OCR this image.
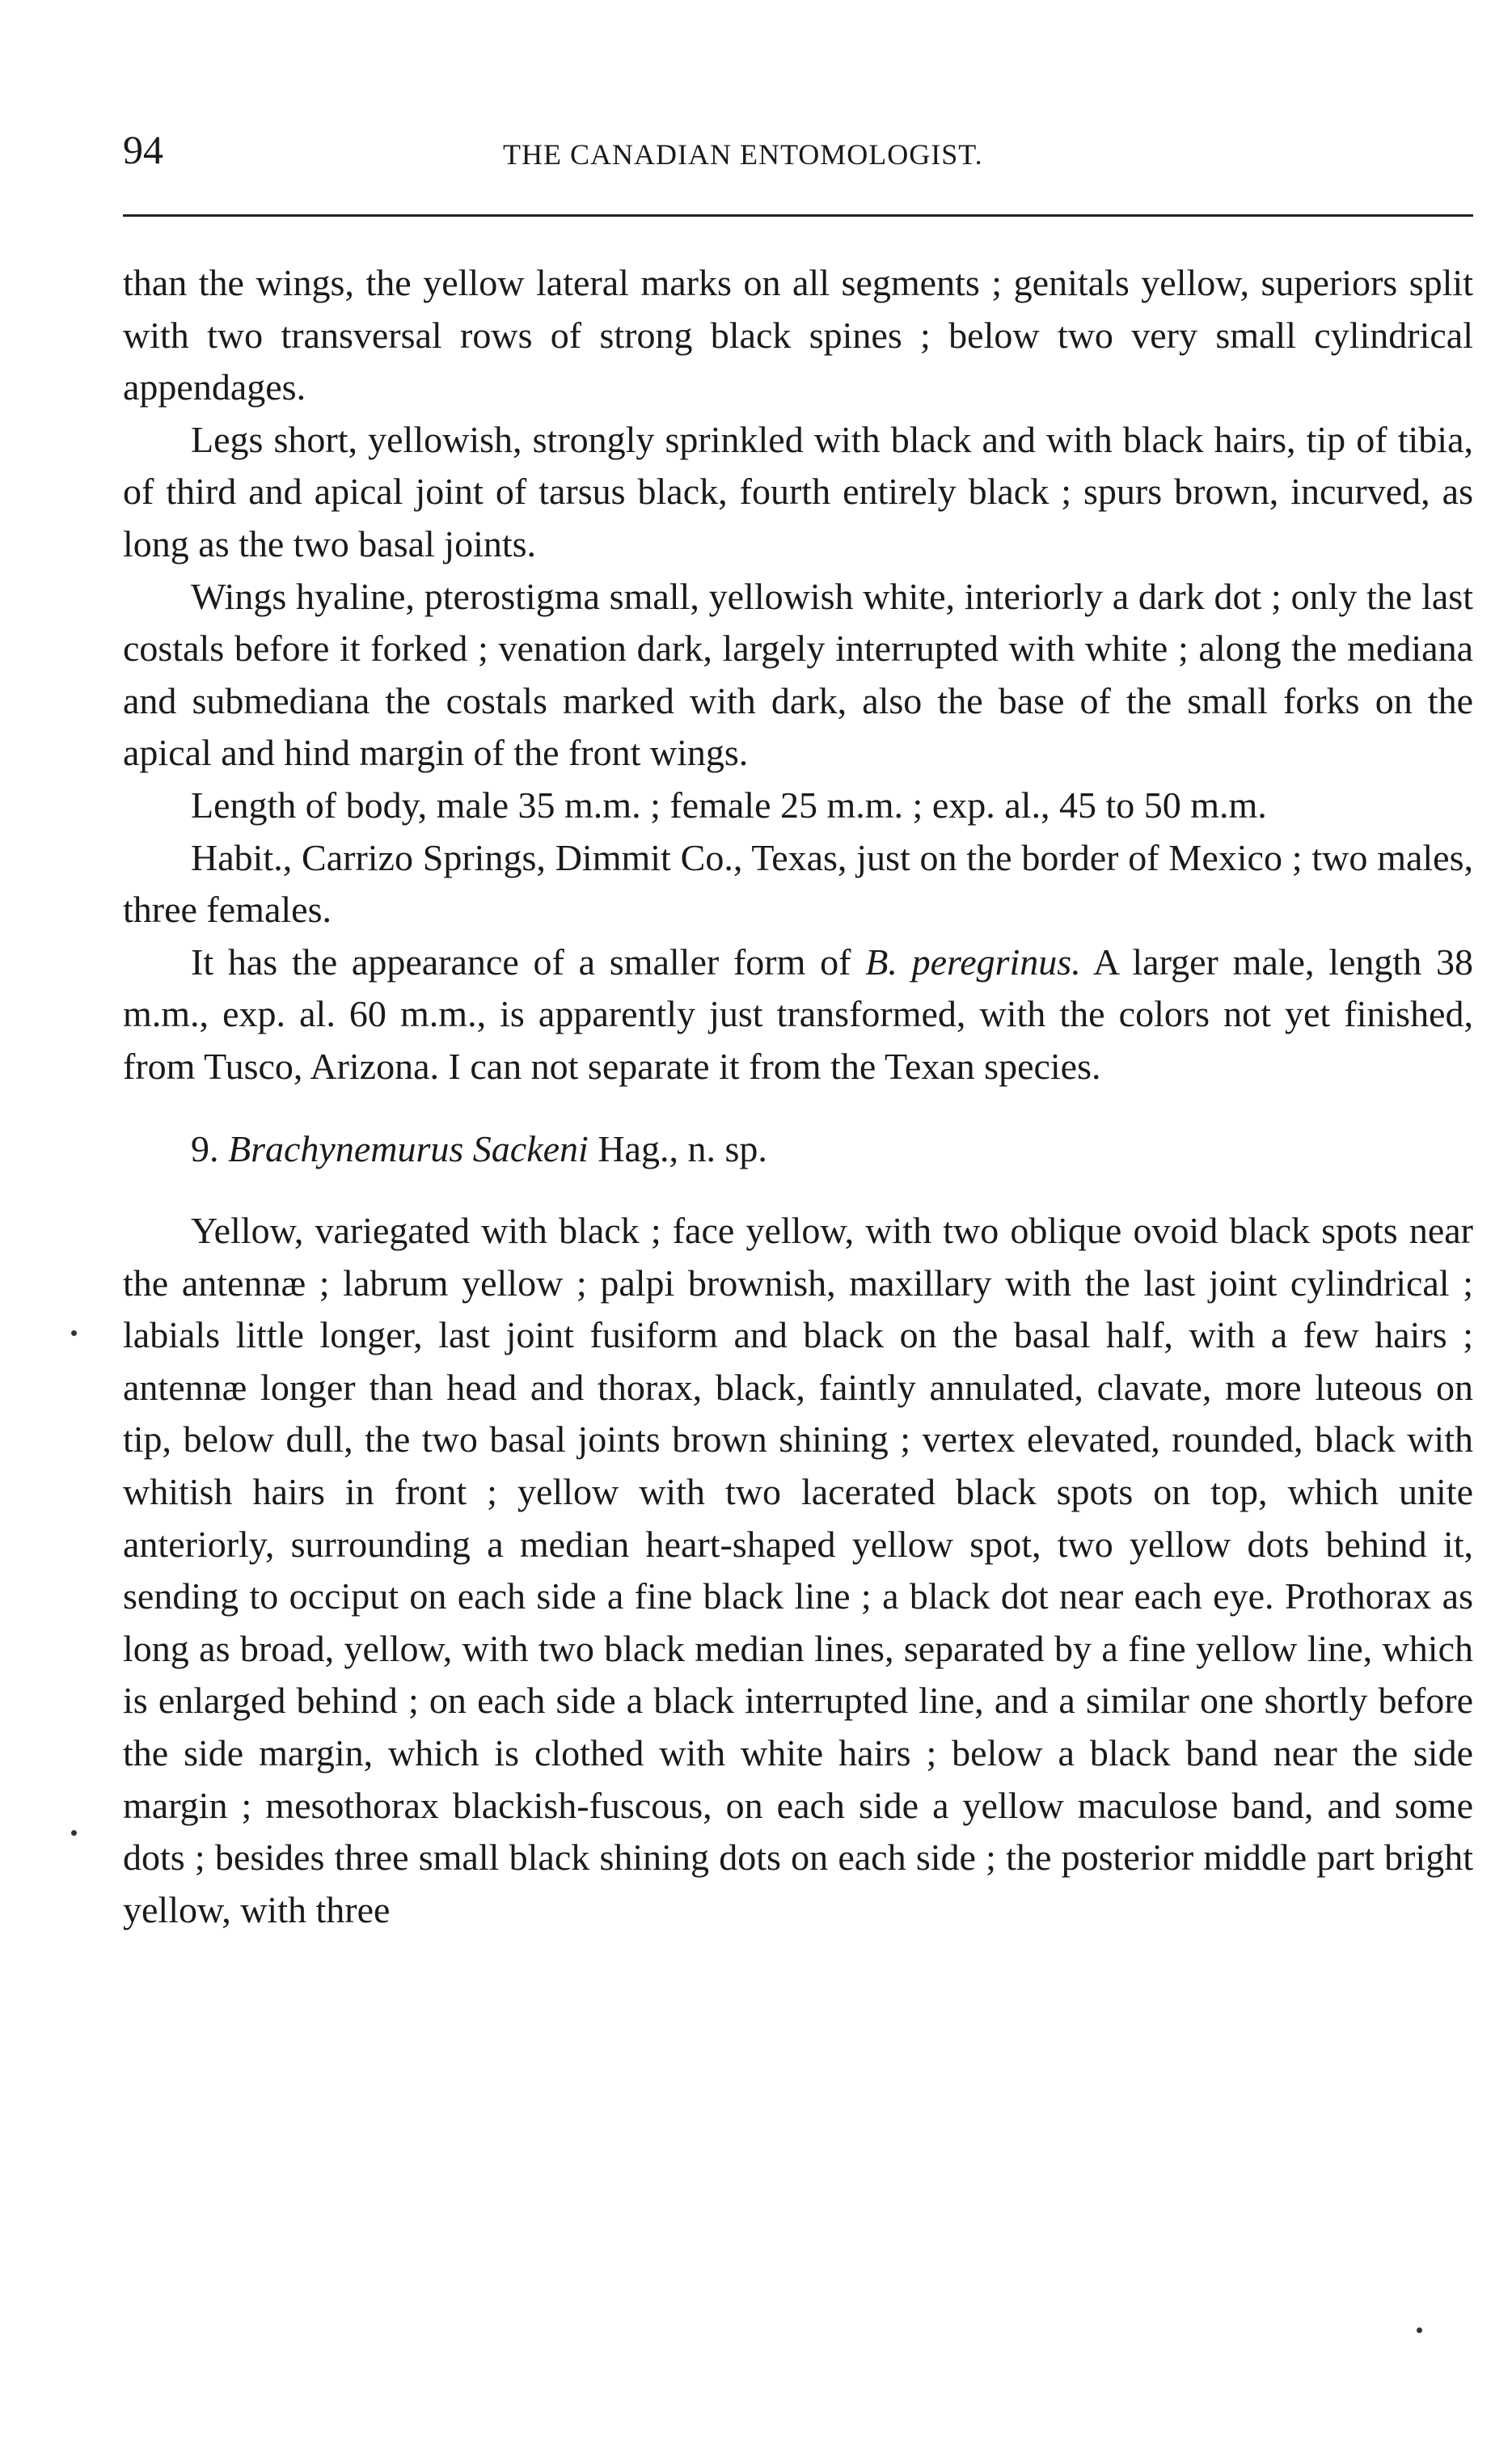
94	THE CANADIAN ENTOMOLOGIST.

than the wings, the yellow lateral marks on all segments ; genitals yellow, superiors split with two transversal rows of strong black spines ; below two very small cylindrical appendages.

Legs short, yellowish, strongly sprinkled with black and with black hairs, tip of tibia, of third and apical joint of tarsus black, fourth entirely black ; spurs brown, incurved, as long as the two basal joints.

Wings hyaline, pterostigma small, yellowish white, interiorly a dark dot ; only the last costals before it forked ; venation dark, largely interrupted with white ; along the mediana and submediana the costals marked with dark, also the base of the small forks on the apical and hind margin of the front wings.

Length of body, male 35 m.m. ; female 25 m.m. ; exp. al., 45 to 50 m.m.

Habit., Carrizo Springs, Dimmit Co., Texas, just on the border of Mexico ; two males, three females.

It has the appearance of a smaller form of B. peregrinus. A larger male, length 38 m.m., exp. al. 60 m.m., is apparently just transformed, with the colors not yet finished, from Tusco, Arizona. I can not separate it from the Texan species.

9. Brachynemurus Sackeni Hag., n. sp.

Yellow, variegated with black ; face yellow, with two oblique ovoid black spots near the antennæ ; labrum yellow ; palpi brownish, maxillary with the last joint cylindrical ; labials little longer, last joint fusiform and black on the basal half, with a few hairs ; antennæ longer than head and thorax, black, faintly annulated, clavate, more luteous on tip, below dull, the two basal joints brown shining ; vertex elevated, rounded, black with whitish hairs in front ; yellow with two lacerated black spots on top, which unite anteriorly, surrounding a median heart-shaped yellow spot, two yellow dots behind it, sending to occiput on each side a fine black line ; a black dot near each eye. Prothorax as long as broad, yellow, with two black median lines, separated by a fine yellow line, which is enlarged behind ; on each side a black interrupted line, and a similar one shortly before the side margin, which is clothed with white hairs ; below a black band near the side margin ; mesothorax blackish-fuscous, on each side a yellow maculose band, and some dots ; besides three small black shining dots on each side ; the posterior middle part bright yellow, with three
